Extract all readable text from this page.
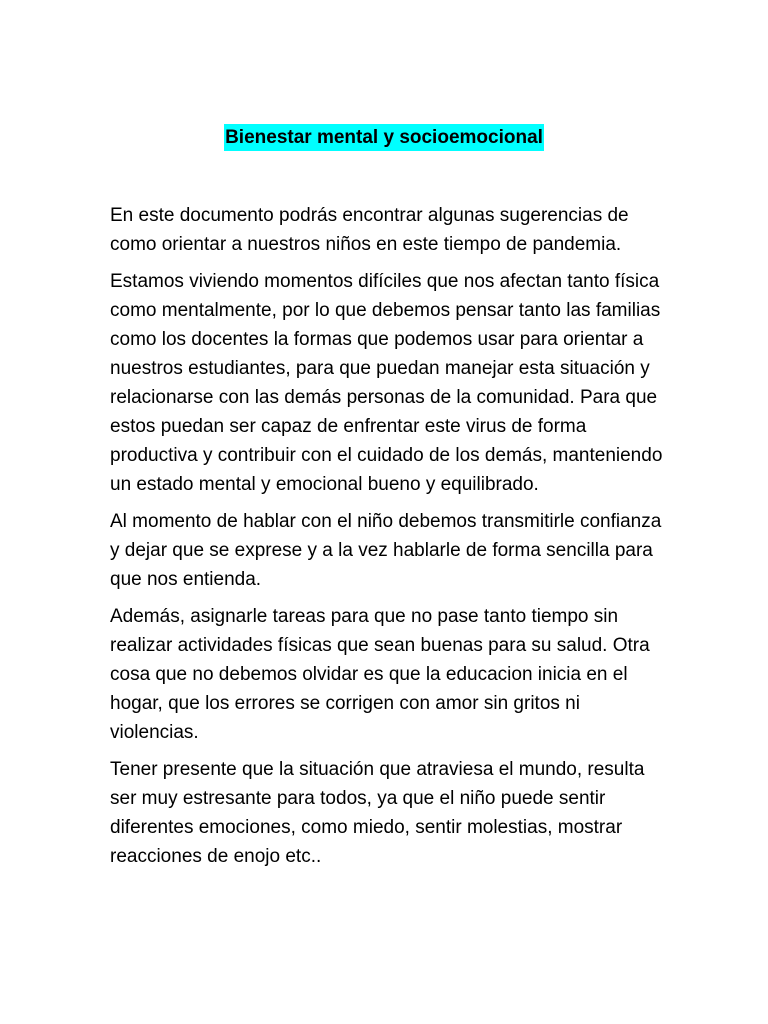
Bienestar mental y socioemocional

En este documento podrás encontrar algunas sugerencias de como orientar a nuestros niños en este tiempo de pandemia.

Estamos viviendo momentos difíciles que nos afectan tanto física como mentalmente, por lo que debemos pensar tanto las familias como los docentes la formas que podemos usar para orientar a nuestros estudiantes, para que puedan manejar esta situación y relacionarse con las demás personas de la comunidad. Para que estos puedan ser capaz de enfrentar este virus de forma productiva y contribuir con el cuidado de los demás, manteniendo un estado mental y emocional bueno y equilibrado.

Al momento de hablar con el niño debemos transmitirle confianza y dejar que se exprese y a la vez hablarle de forma sencilla para que nos entienda.

Además, asignarle tareas para que no pase tanto tiempo sin realizar actividades físicas que sean buenas para su salud. Otra cosa que no debemos olvidar es que la educacion inicia en el hogar, que los errores se corrigen con amor sin gritos ni violencias.

Tener presente que la situación que atraviesa el mundo, resulta ser muy estresante para todos, ya que el niño puede sentir diferentes emociones, como miedo, sentir molestias, mostrar reacciones de enojo etc..
